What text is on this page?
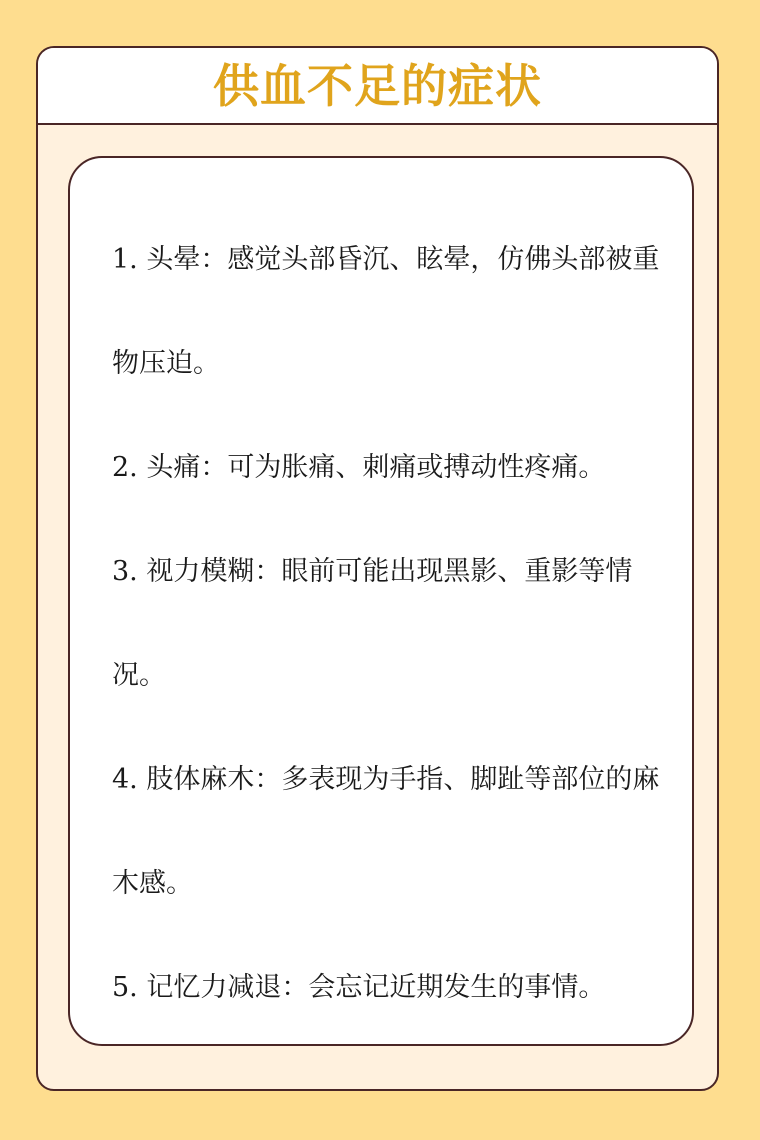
供血不足的症状
1. 头晕：感觉头部昏沉、眩晕，仿佛头部被重物压迫。
2. 头痛：可为胀痛、刺痛或搏动性疼痛。
3. 视力模糊：眼前可能出现黑影、重影等情况。
4. 肢体麻木：多表现为手指、脚趾等部位的麻木感。
5. 记忆力减退：会忘记近期发生的事情。
